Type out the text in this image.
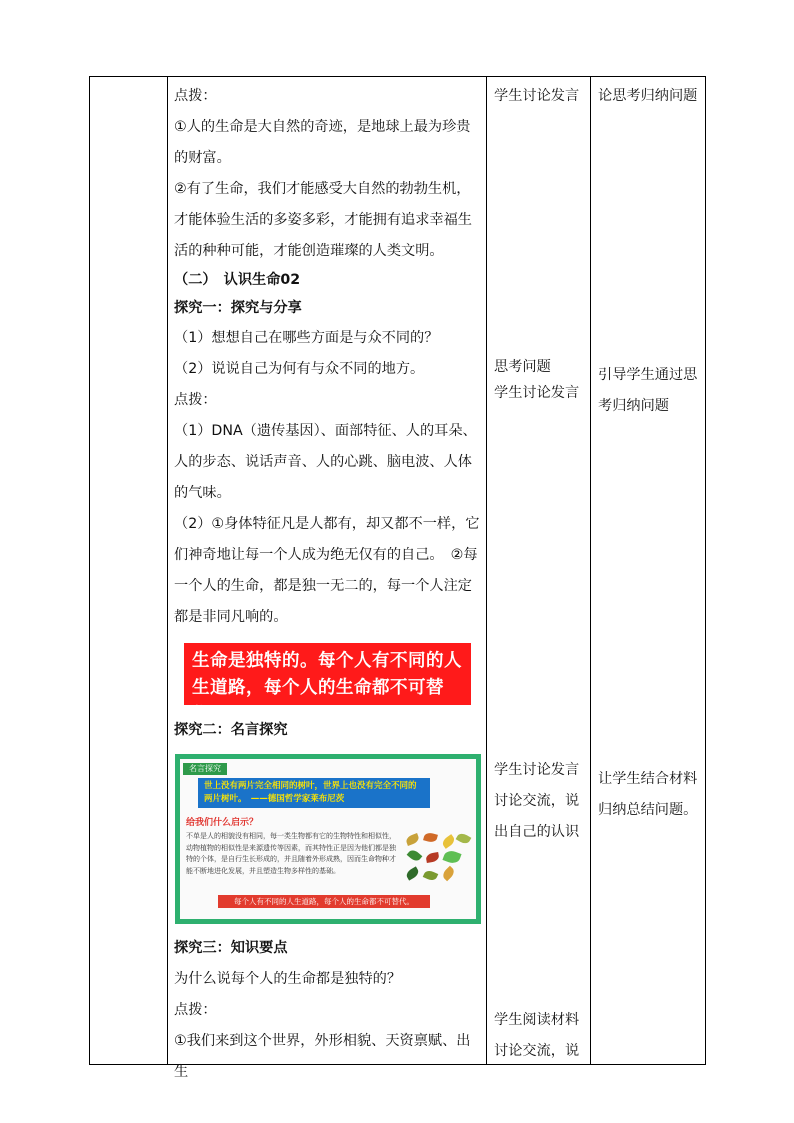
点拨：

①人的生命是大自然的奇迹，是地球上最为珍贵的财富。

②有了生命，我们才能感受大自然的勃勃生机，才能体验生活的多姿多彩，才能拥有追求幸福生活的种种可能，才能创造璀璨的人类文明。

（二）　认识生命02

探究一：探究与分享

（1）想想自己在哪些方面是与众不同的？

（2）说说自己为何有与众不同的地方。

点拨：

（1）DNA（遗传基因）、面部特征、人的耳朵、人的步态、说话声音、人的心跳、脑电波、人体的气味。

（2）①身体特征凡是人都有，却又都不一样，它们神奇地让每一个人成为绝无仅有的自己。　②每一个人的生命，都是独一无二的，每一个人注定都是非同凡响的。

生命是独特的。每个人有不同的人生道路，每个人的生命都不可替代。

探究二：名言探究

名言探究
世上没有两片完全相同的树叶，世界上也没有完全不同的两片树叶。　——德国哲学家莱布尼茨
给我们什么启示？
不单是人的相貌没有相同，每一类生物都有它的生物特性和相似性，动物植物的相似性是来源遗传等因素，而其特性正是因为他们都是独特的个体，是自行生长形成的，并且随着外形成熟，因而生命物种才能不断地进化发展，并且塑造生物多样性的基础。
每个人有不同的人生道路，每个人的生命都不可替代。

探究三：知识要点

为什么说每个人的生命都是独特的？

点拨：

①我们来到这个世界，外形相貌、天资禀赋、出生

学生讨论发言

思考问题

学生讨论发言

学生讨论发言讨论交流，说出自己的认识

学生阅读材料讨论交流，说

论思考归纳问题

引导学生通过思考归纳问题

让学生结合材料归纳总结问题。
